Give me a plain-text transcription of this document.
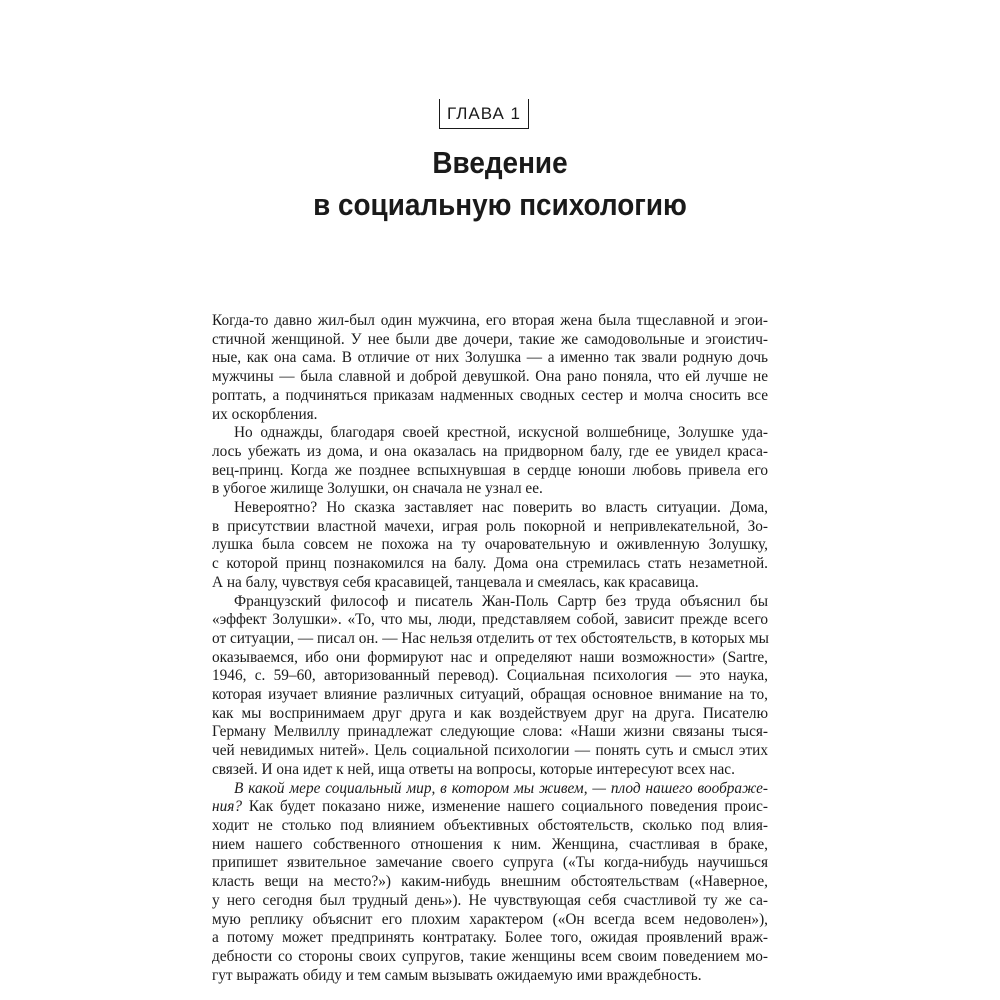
ГЛАВА 1
Введение
в социальную психологию

Когда-то давно жил-был один мужчина, его вторая жена была тщеславной и эгои-

стичной женщиной. У нее были две дочери, такие же самодовольные и эгоистич-

ные, как она сама. В отличие от них Золушка — а именно так звали родную дочь

мужчины — была славной и доброй девушкой. Она рано поняла, что ей лучше не

роптать, а подчиняться приказам надменных сводных сестер и молча сносить все

их оскорбления.

Но однажды, благодаря своей крестной, искусной волшебнице, Золушке уда-

лось убежать из дома, и она оказалась на придворном балу, где ее увидел краса-

вец-принц. Когда же позднее вспыхнувшая в сердце юноши любовь привела его

в убогое жилище Золушки, он сначала не узнал ее.

Невероятно? Но сказка заставляет нас поверить во власть ситуации. Дома,

в присутствии властной мачехи, играя роль покорной и непривлекательной, Зо-

лушка была совсем не похожа на ту очаровательную и оживленную Золушку,

с которой принц познакомился на балу. Дома она стремилась стать незаметной.

А на балу, чувствуя себя красавицей, танцевала и смеялась, как красавица.

Французский философ и писатель Жан-Поль Сартр без труда объяснил бы

«эффект Золушки». «То, что мы, люди, представляем собой, зависит прежде всего

от ситуации, — писал он. — Нас нельзя отделить от тех обстоятельств, в которых мы

оказываемся, ибо они формируют нас и определяют наши возможности» (Sartre,

1946, с. 59–60, авторизованный перевод). Социальная психология — это наука,

которая изучает влияние различных ситуаций, обращая основное внимание на то,

как мы воспринимаем друг друга и как воздействуем друг на друга. Писателю

Герману Мелвиллу принадлежат следующие слова: «Наши жизни связаны тыся-

чей невидимых нитей». Цель социальной психологии — понять суть и смысл этих

связей. И она идет к ней, ища ответы на вопросы, которые интересуют всех нас.

В какой мере социальный мир, в котором мы живем, — плод нашего воображе-

ния? Как будет показано ниже, изменение нашего социального поведения проис-

ходит не столько под влиянием объективных обстоятельств, сколько под влия-

нием нашего собственного отношения к ним. Женщина, счастливая в браке,

припишет язвительное замечание своего супруга («Ты когда-нибудь научишься

класть вещи на место?») каким-нибудь внешним обстоятельствам («Наверное,

у него сегодня был трудный день»). Не чувствующая себя счастливой ту же са-

мую реплику объяснит его плохим характером («Он всегда всем недоволен»),

а потому может предпринять контратаку. Более того, ожидая проявлений враж-

дебности со стороны своих супругов, такие женщины всем своим поведением мо-

гут выражать обиду и тем самым вызывать ожидаемую ими враждебность.
